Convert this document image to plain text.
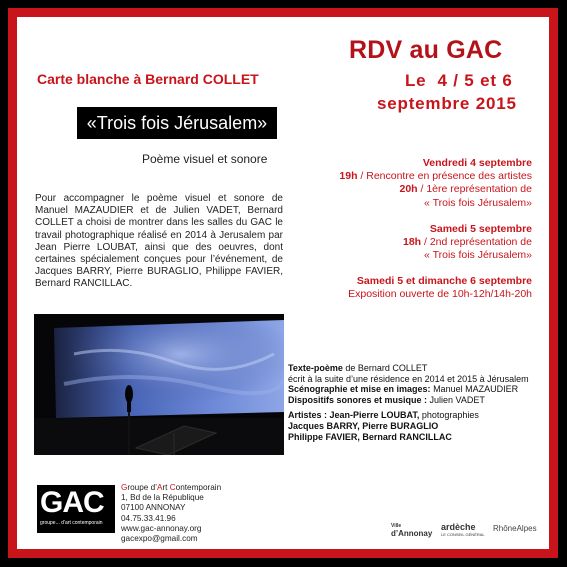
RDV au GAC
Le  4 / 5 et 6
septembre 2015
Carte blanche à Bernard COLLET
«Trois fois Jérusalem»
Poème visuel et sonore
Pour accompagner le poème visuel et sonore de Manuel MAZAUDIER et de Julien VADET, Bernard COLLET a choisi de montrer dans les salles du GAC le travail photographique réalisé en 2014 à Jerusalem par Jean Pierre LOUBAT, ainsi que des oeuvres, dont certaines spécialement conçues pour l’événement, de Jacques BARRY, Pierre BURAGLIO, Philippe FAVIER, Bernard RANCILLAC.
Vendredi 4 septembre
19h / Rencontre en présence des artistes
20h / 1ère représentation de
« Trois fois Jérusalem»
Samedi 5 septembre
18h / 2nd représentation de
« Trois fois Jérusalem»
Samedi 5 et dimanche 6 septembre
Exposition ouverte de 10h-12h/14h-20h
Texte-poème de Bernard COLLET
écrit à la suite d’une résidence en 2014 et 2015 à Jérusalem
Scénographie et mise en images: Manuel MAZAUDIER
Dispositifs sonores et musique : Julien VADET
Artistes : Jean-Pierre LOUBAT, photographies
Jacques BARRY, Pierre BURAGLIO
Philippe FAVIER, Bernard RANCILLAC
GAC
groupe... d’art contemporain
Groupe d’Art Contemporain
1, Bd de la République
07100 ANNONAY
04.75.33.41.96
www.gac-annonay.org
gacexpo@gmail.com
Ville
d’Annonay
ardèche
LE CONSEIL GÉNÉRAL
RhôneAlpes
